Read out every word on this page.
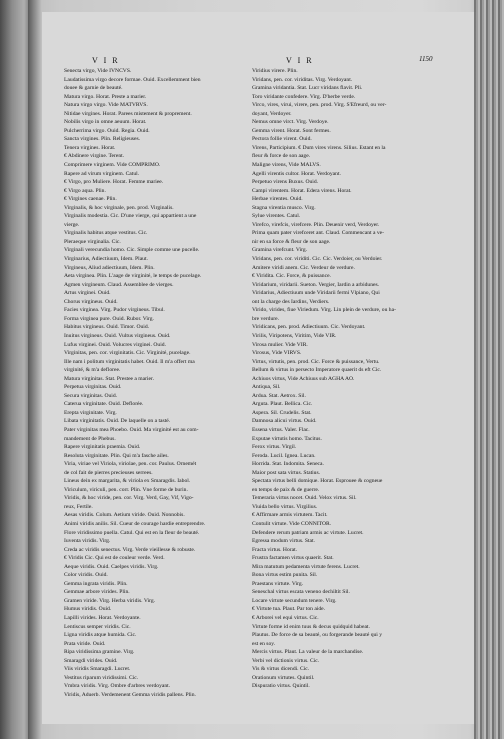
V I R	V I R	1150
Senecta virgo, Vide IVNCVS.
Laudatissima virgo decore formae. Ouid. Excellemment bien
douee & garnie de beauté.
Matura virgo. Horat. Preste a marier.
Natura virgo virgo. Vide MATVRVS.
Nitidae virgines. Horat. Parees mistement & proprement.
Nobilis virgo in omne aeuum. Horat.
Pulcherrima virgo. Ouid. Regia. Ouid.
Sancta virgines. Plin. Religieuses.
Tenera virgines. Horat.
€ Abdinere virgine. Terent.
Comprimere virginem. Vide COMPRIMO.
Rapere ad virum virginem. Catul.
€ Virgo, pro Muliere. Horat. Femme mariee.
€ Virgo aqua. Plin.
€ Virgines caenae. Plin.
Virginalis, & hoc virginale, pen. prod. Virginalis.
Virginalis modestia. Cic. D'une vierge, qui appartient a une
vierge.
Virginalis habitus atque vestitus. Cic.
Pleraeque virginalia. Cic.
Virginali verecundia homo. Cic. Simple comme une pucelle.
Virginarius, Adiectiuum, Idem. Plaut.
Virgineus, Aliud adiectiuum, Idem. Plin.
Aeta virginea. Plin. L'aage de virginité, le temps de pucelage.
Agmen virgineum. Claud. Assemblee de vierges.
Artus virginei. Ouid.
Chorus virgineus. Ouid.
Facies virginea. Virg. Pudor virgineus. Tibul.
Forma virginea pure. Ouid. Rubor. Virg.
Habitus virgineus. Ouid. Timor. Ouid.
Inuitus virgineus. Ouid. Vultus virgineus. Ouid.
Lufus virginei. Ouid. Volucres virginei. Ouid.
Virginitas, pen. cor. virginitatis. Cic. Virginité, pucelage.
Ille nam i politum virginitatis habet. Ouid. Il m'a offert ma
virginité, & m'a defloree.
Matura virginitas. Stat. Prestee a marier.
Perpetua virginitas. Ouid.
Secura virginitas. Ouid.
Caterua virginitate. Ouid. Deflorée.
Erepta virginitate. Virg.
Libata virginitatis. Ouid. De laquelle on a tasté.
Pater virginitas mea Phoebo. Ouid. Ma virginité est au com-
mandement de Phebus.
Rapere virginitatis praemia. Ouid.
Resoluta virginitate. Plin. Qui m'a fasche ailes.
Viria, viriae vel Viriola, viriolae, pen. cor. Paulus. Ornemét
de col fait de pierres precieuses serrees.
Lineus dein ex margarita, & viriola ex Smaragdis. Iabol.
Viriculum, viriculi, pen. corr. Plin. Vne forme de burin.
Viridis, & hoc viride, pen. cor. Virg. Verd, Gay, Vif, Vigo-
reux, Fertile.
Aesas viridis. Colum. Aetium viride. Ouid. Nonnobis.
Animi viridis anilis. Sil. Cueur de courage hardie entreprendre.
Flore viridissimo puella. Catul. Qui est en la fleur de beauté.
Iuventa viridis. Virg.
Creda ac viridis senectus. Virg. Verde vieillesse & robuste.
€ Viridis Cic. Qui est de couleur verde. Verd.
Aeque viridis. Ouid. Caelpes viridis. Virg.
Color viridis. Ouid.
Gemma ingrata viridis. Plin.
Gemmae arbore virides. Plin.
Gramen viride. Virg. Herba viridis. Virg.
Humus viridis. Ouid.
Lapilli virides. Horat. Verdoyante.
Lentiscus semper viridis. Cic.
Ligna viridis atque humida. Cic.
Prata viride. Ouid.
Ripa viridissima gramine. Virg.
Smaragdi virides. Ouid.
Viis viridis Smaragdi. Lucret.
Vestitus riparum viridissimi. Cic.
Vmbra viridis. Virg. Ombre d'arbres verdoyant.
Viridis, Aduerb. Verdemenent Gemma viridis pallens. Plin.
Viridius virere. Plin.
Viridans, pen. cor. viriditas. Virg. Verdoyant.
Gramina viridantia. Stat. Lucr viridans flavit. Pli.
Toro viridante confedere. Virg. D'herbe verde.
Virco, vires, virui, virere, pen. prod. Virg. S'Efreurd, ou ver-
doyant, Verdoyer.
Nemus omne virct. Virg. Verdoye.
Gemma virent. Horat. Sont fermes.
Pectora follie virent. Ouid.
Virens, Participium. € Dum vires virens. Silius. Estant en la
fleur & force de son aage.
Maligne virens, Vide MALVS.
Agelli virentis cultor. Horat. Verdoyant.
Perpetuo virens Buxus. Ouid.
Campi virentem. Horat. Edera virens. Horat.
Herbae virentes. Ouid.
Stagna virentia musco. Virg.
Sylue virentes. Catul.
Virefco, virefcis, virefcere. Plin. Deuenir verd, Verdoyer.
Prima quam pater virefceret ant. Claud. Commencant a ve-
nir en sa force & fleur de son aage.
Gramina virefcunt. Virg.
Viridans, pen. cor. viriditi. Cic. Cic. Verdoier, ou Verdoier.
Amitere viridi anem. Cic. Verdeur de verdure.
€ Viridita. Cic. Force, & puissance.
Viridarium, viridarii. Sueton. Vergier, Iardin a arbidunes.
Viridarius, Adiectiuum unde Viridarii fermi Vlpiano, Qui
ont la charge des Iardins, Verdiers.
Virido, virides, fiue Viriedum. Virg. Lin plein de verdure, ou ha-
bre verdure.
Viridicans, pen. prod. Adiectiuum. Cic. Verdoyant.
Virilis, Viripotens, Viritim, Vide VIR.
Virosa mulier. Vide VIR.
Virosus, Vide VIRVS.
Virtus, virtutis, pen. prod. Cic. Force & puissance, Vertu.
Bellum & virtus in persecto Imperatore quaerit ds eft Cic.
Achiuos virtus, Vide Achiuus sub AGHA AO.
Antiqua, Sil.
Ardua. Stat. Aetrox. Sil.
Arguta. Plaut. Bellica. Cic.
Aspera. Sil. Crudelis. Stat.
Damnosa alicui virtus. Ouid.
Essena virtus. Valer. Flac.
Exputae virtutis homo. Tacitus.
Ferox virtus. Virgil.
Feroda. Lucil. Ignea. Lucan.
Horrida. Stat. Indomita. Seneca.
Maior post sata virtus. Statius.
Spectata virtus belli domique. Horat. Esprouee & cogneue
en temps de paix & de guerre.
Temeraria virtus nocet. Ouid. Velox virtus. Sil.
Viuida bello virtus. Virgilius.
€ Affirmare armis virtutem. Tacit.
Contulit virtute. Vide CONNITOR.
Defendere rerum patriam armis ac virtute. Lucret.
Egressa modum virtus. Stat.
Fracta virtus. Horat.
Frustra factamen virtus quaerit. Stat.
Mira matutum pedamenta virtute ferens. Lucret.
Bona virtus estim punita. Sil.
Praestans virtute. Virg.
Seneschal virtus escata veneno dechiltit Sil.
Locare virtute secundum tenere. Virg.
€ Virtute tua. Plaut. Par ton aide.
€ Arborei vel equi virtus. Cic.
Virtute forme id enim tuus & decus quidquid habeat.
Plautus. De force de sa beauté, ou forgerande beauté qui y
est en soy.
Mercis virtus. Plaut. La valeur de la marchandise.
Verbi vel dictionis virtus. Cic.
Vis & virtus dicendi. Cic.
Orationum virtutes. Quintil.
Dispuratio virtus. Quintil.
